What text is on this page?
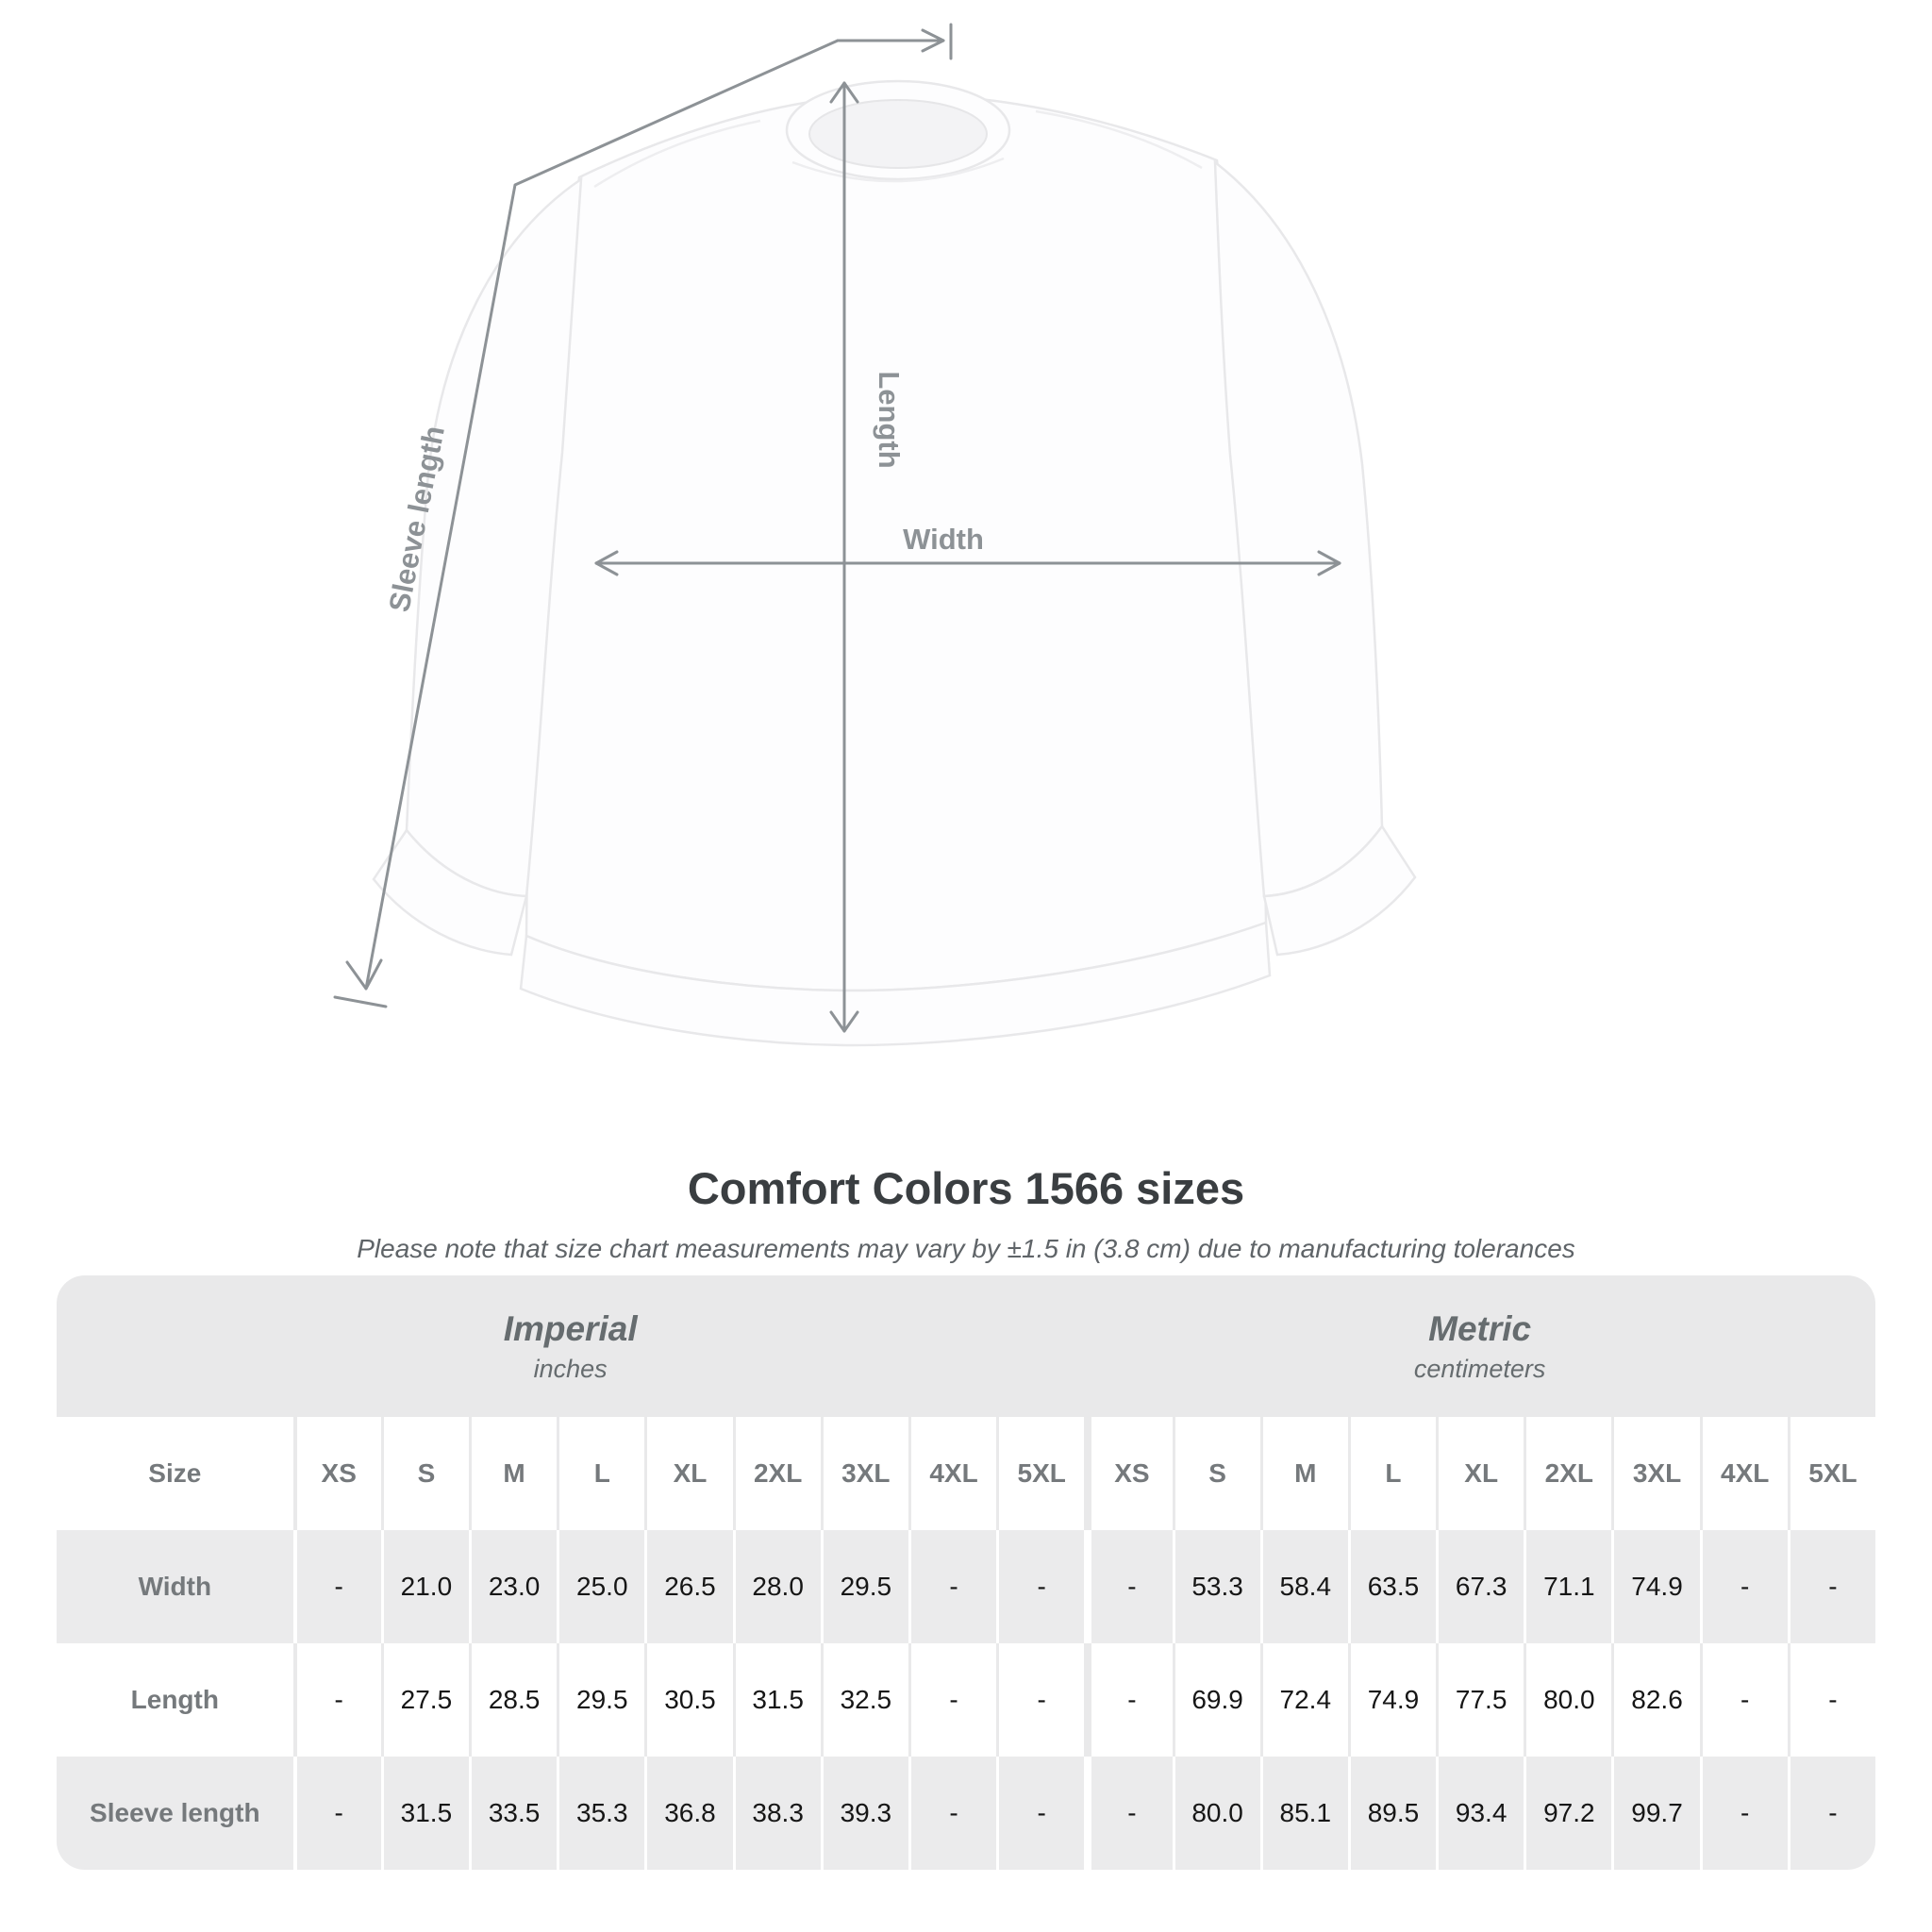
Length
Width
Sleeve length
Comfort Colors 1566 sizes
Please note that size chart measurements may vary by ±1.5 in (3.8 cm) due to manufacturing tolerances
Imperial
inches
Metric
centimeters
Size	XS	S	M	L	XL	2XL	3XL	4XL	5XL	XS	S	M	L	XL	2XL	3XL	4XL	5XL
Width	-	21.0	23.0	25.0	26.5	28.0	29.5	-	-	-	53.3	58.4	63.5	67.3	71.1	74.9	-	-
Length	-	27.5	28.5	29.5	30.5	31.5	32.5	-	-	-	69.9	72.4	74.9	77.5	80.0	82.6	-	-
Sleeve length	-	31.5	33.5	35.3	36.8	38.3	39.3	-	-	-	80.0	85.1	89.5	93.4	97.2	99.7	-	-
